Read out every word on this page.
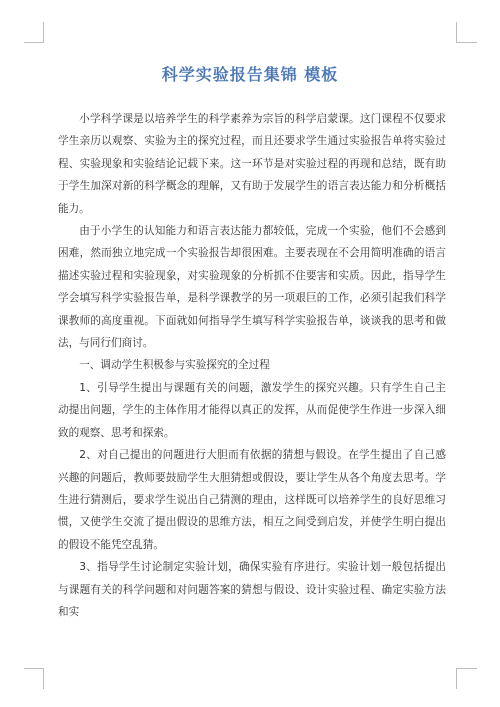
科学实验报告集锦 模板

小学科学课是以培养学生的科学素养为宗旨的科学启蒙课。这门课程不仅要求学生亲历以观察、实验为主的探究过程，而且还要求学生通过实验报告单将实验过程、实验现象和实验结论记载下来。这一环节是对实验过程的再现和总结，既有助于学生加深对新的科学概念的理解，又有助于发展学生的语言表达能力和分析概括能力。

由于小学生的认知能力和语言表达能力都较低，完成一个实验，他们不会感到困难，然而独立地完成一个实验报告却很困难。主要表现在不会用简明准确的语言描述实验过程和实验现象，对实验现象的分析抓不住要害和实质。因此，指导学生学会填写科学实验报告单，是科学课教学的另一项艰巨的工作，必须引起我们科学课教师的高度重视。下面就如何指导学生填写科学实验报告单，谈谈我的思考和做法，与同行们商讨。

一、调动学生积极参与实验探究的全过程

1、引导学生提出与课题有关的问题，激发学生的探究兴趣。只有学生自己主动提出问题，学生的主体作用才能得以真正的发挥，从而促使学生作进一步深入细致的观察、思考和探索。

2、对自己提出的问题进行大胆而有依据的猜想与假设。在学生提出了自己感兴趣的问题后，教师要鼓励学生大胆猜想或假设，要让学生从各个角度去思考。学生进行猜测后，要求学生说出自己猜测的理由，这样既可以培养学生的良好思维习惯，又使学生交流了提出假设的思维方法，相互之间受到启发，并使学生明白提出的假设不能凭空乱猜。

3、指导学生讨论制定实验计划，确保实验有序进行。实验计划一般包括提出与课题有关的科学问题和对问题答案的猜想与假设、设计实验过程、确定实验方法和实
